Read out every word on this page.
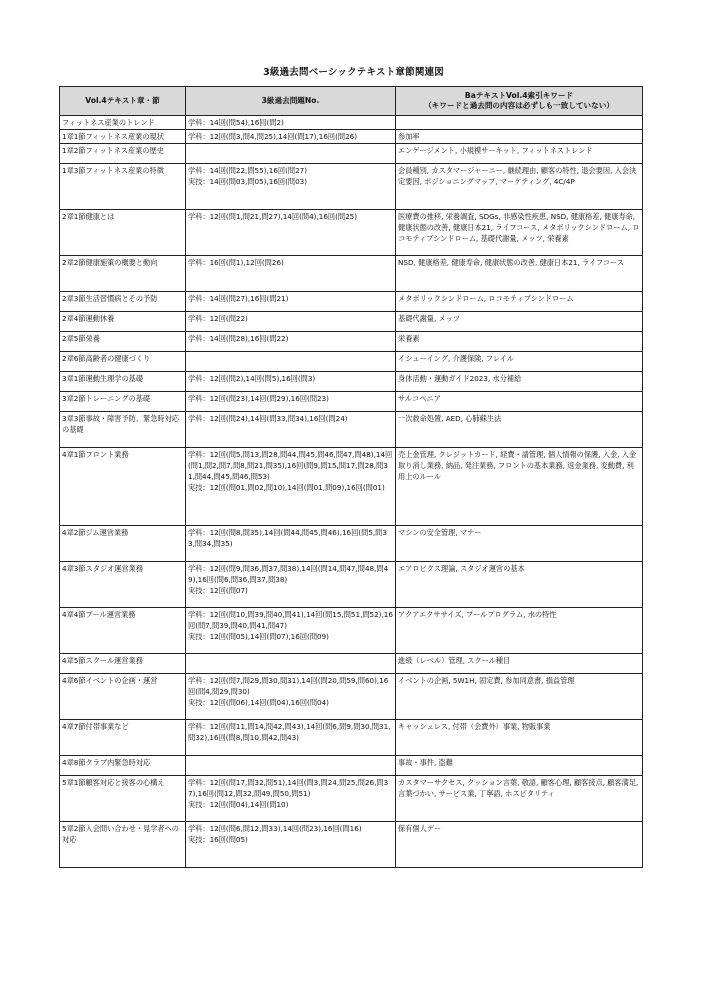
3級過去問ベーシックテキスト章節関連図
Vol.4テキスト章・節	3級過去問題No.	BaテキストVol.4索引キワード
（キワードと過去問の内容は必ずしも一致していない）

フィットネス産業のトレンド	学科：14回(問54),16回(問2)	

1章1節フィットネス産業の現状	学科：12回(問3,問4,問25),14回(問17),16回(問26)	参加率
1章2節フィットネス産業の歴史		エンゲージメント, 小規模サーキット, フィットネストレンド
1章3節フィットネス産業の特徴	学科：14回(問22,問55),16回(問27)
実技：14回(問03,問05),16回(問03)	会員種別, カスタマージャーニー, 継続理由, 顧客の特性, 退会要因, 入会決定要因, ポジショニングマップ, マーケティング, 4C/4P
2章1節健康とは	学科：12回(問1,問21,問27),14回(問4),16回(問25)	医療費の推移, 栄養調査, SDGs, 非感染性疾患, NSD, 健康格差, 健康寿命, 健康状態の改善, 健康日本21, ライフコース, メタボリックシンドローム, ロコモティブシンドローム, 基礎代謝量, メッツ, 栄養素
2章2節健康施策の概要と動向	学科：16回(問1),12回(問26)	NSD, 健康格差, 健康寿命, 健康状態の改善, 健康日本21, ライフコース
2章3節生活習慣病とその予防	学科：14回(問27),16回(問21)	メタボリックシンドローム, ロコモティブシンドローム
2章4節運動休養	学科：12回(問22)	基礎代謝量, メッツ
2章5節栄養	学科：14回(問28),16回(問22)	栄養素
2章6節高齢者の健康づくり		イシューイング, 介護保険, フレイル
3章1節運動生理学の基礎	学科：12回(問2),14回(問5),16回(問3)	身体活動・運動ガイド2023, 水分補給
3章2節トレーニングの基礎	学科：12回(問23),14回(問29),16回(問23)	サルコペニア
3章3節事故・障害予防、緊急時対応の基礎	学科：12回(問24),14回(問33,問34),16回(問24)	一次救命処置, AED, 心肺蘇生法
4章1節フロント業務	学科：12回(問5,問13,問28,問44,問45,問46,問47,問48),14回(問1,問2,問7,問8,問21,問35),16回(問9,問15,問17,問28,問31,問44,問45,問46,問53)
実技：12回(問01,問02,問10),14回(問01,問09),16回(問01)	売上金管理, クレジットカード, 経費・請管理, 個人情報の保護, 入金, 入金取り消し業務, 納品, 発注業務, フロントの基本業務, 返金業務, 変動費, 利用上のルール
4章2節ジム運営業務	学科：12回(問8,問35),14回(問44,問45,問46),16回(問5,問33,問34,問35)	マシンの安全管理, マナー
4章3節スタジオ運営業務	学科：12回(問9,問36,問37,問38),14回(問14,問47,問48,問49),16回(問6,問36,問37,問38)
実技：12回(問07)	エアロビクス理論, スタジオ運営の基本
4章4節プール運営業務	学科：12回(問10,問39,問40,問41),14回(問15,問51,問52),16回(問7,問39,問40,問41,問47)
実技：12回(問05),14回(問07),16回(問09)	アクアエクササイズ, プールプログラム, 水の特性
4章5節スクール運営業務		進級（レベル）管理, スクール種目
4章6節イベントの企画・運営	学科：12回(問7,問29,問30,問31),14回(問20,問59,問60),16回(問4,問29,問30)
実技：12回(問06),14回(問04),16回(問04)	イベントの企画, 5W1H, 固定費, 参加同意書, 損益管理
4章7節付帯事業など	学科：12回(問11,問14,問42,問43),14回(問6,問9,問30,問31,問32),16回(問8,問10,問42,問43)	キャッシュレス, 付帯（会費外）事業, 物販事業
4章8節クラブ内緊急時対応		事故・事件, 盗難
5章1節顧客対応と接客の心構え	学科：12回(問17,問32,問51),14回(問3,問24,問25,問26,問37),16回(問12,問32,問49,問50,問51)
実技：12回(問04),14回(問10)	カスタマーサクセス, クッション言葉, 敬語, 顧客心理, 顧客接点, 顧客満足, 言葉づかい, サービス業, 丁寧語, ホスピタリティ
5章2節入会問い合わせ・見学者への対応	学科：12回(問6,問12,問33),14回(問23),16回(問16)
実技：16回(問05)	保有個人デー
